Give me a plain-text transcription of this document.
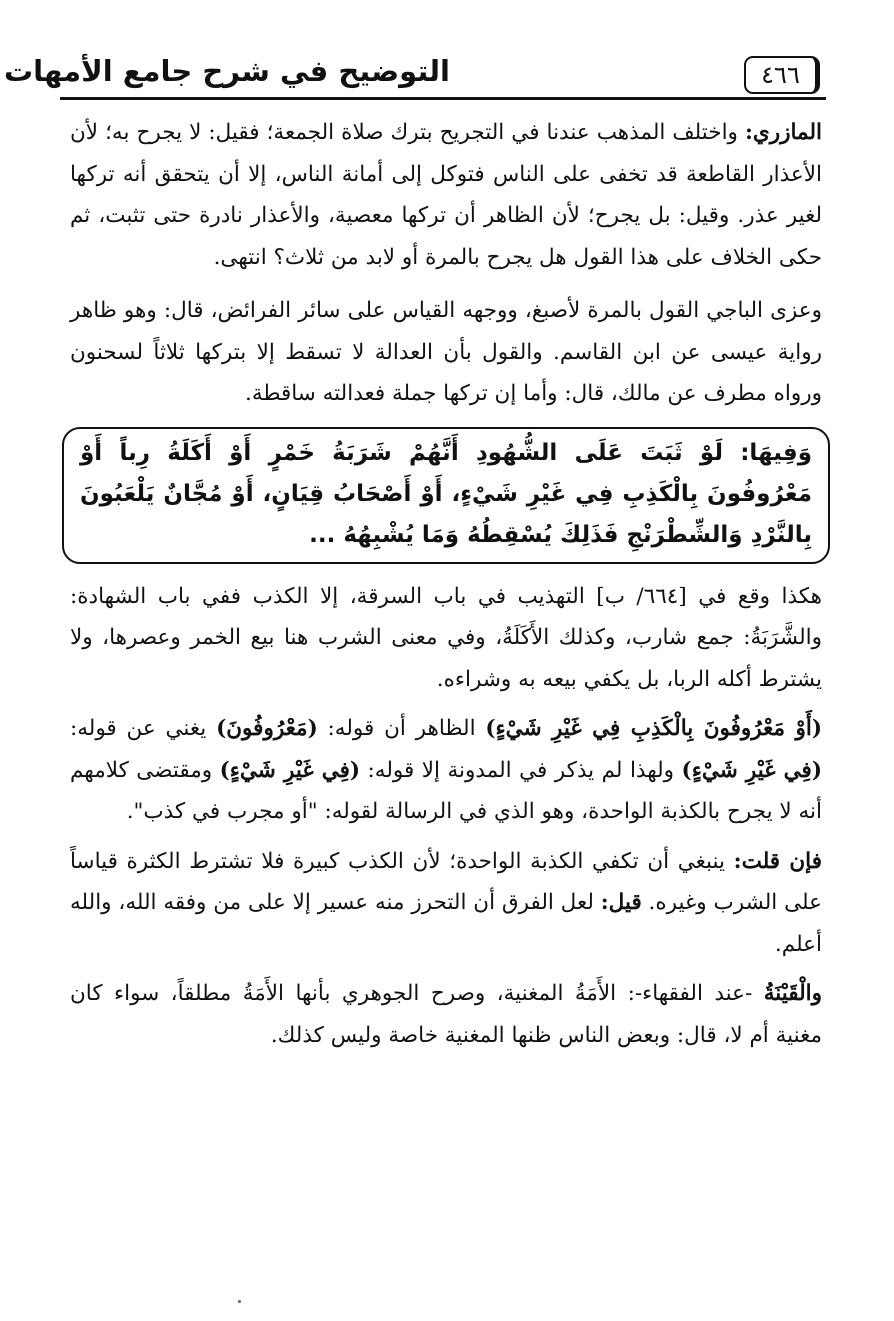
٤٦٦
التوضيح في شرح جامع الأمهات

المازري: واختلف المذهب عندنا في التجريح بترك صلاة الجمعة؛ فقيل: لا يجرح به؛ لأن الأعذار القاطعة قد تخفى على الناس فتوكل إلى أمانة الناس، إلا أن يتحقق أنه تركها لغير عذر. وقيل: بل يجرح؛ لأن الظاهر أن تركها معصية، والأعذار نادرة حتى تثبت، ثم حكى الخلاف على هذا القول هل يجرح بالمرة أو لابد من ثلاث؟ انتهى.

وعزى الباجي القول بالمرة لأصبغ، ووجهه القياس على سائر الفرائض، قال: وهو ظاهر رواية عيسى عن ابن القاسم. والقول بأن العدالة لا تسقط إلا بتركها ثلاثاً لسحنون ورواه مطرف عن مالك، قال: وأما إن تركها جملة فعدالته ساقطة.

وَفِيهَا: لَوْ ثَبَتَ عَلَى الشُّهُودِ أَنَّهُمْ شَرَبَةُ خَمْرٍ أَوْ أَكَلَةُ رِباً أَوْ مَعْرُوفُونَ بِالْكَذِبِ فِي غَيْرِ شَيْءٍ، أَوْ أَصْحَابُ قِيَانٍ، أَوْ مُجَّانٌ يَلْعَبُونَ بِالنَّرْدِ وَالشِّطْرَنْجِ فَذَلِكَ يُسْقِطُهُ وَمَا يُشْبِهُهُ ...

هكذا وقع في [٦٦٤/ ب] التهذيب في باب السرقة، إلا الكذب ففي باب الشهادة: والشَّرَبَةُ: جمع شارب، وكذلك الأَكَلَةُ، وفي معنى الشرب هنا بيع الخمر وعصرها، ولا يشترط أكله الربا، بل يكفي بيعه به وشراءه.

(أَوْ مَعْرُوفُونَ بِالْكَذِبِ فِي غَيْرِ شَيْءٍ) الظاهر أن قوله: (مَعْرُوفُونَ) يغني عن قوله: (فِي غَيْرِ شَيْءٍ) ولهذا لم يذكر في المدونة إلا قوله: (فِي غَيْرِ شَيْءٍ) ومقتضى كلامهم أنه لا يجرح بالكذبة الواحدة، وهو الذي في الرسالة لقوله: "أو مجرب في كذب".

فإن قلت: ينبغي أن تكفي الكذبة الواحدة؛ لأن الكذب كبيرة فلا تشترط الكثرة قياساً على الشرب وغيره. قيل: لعل الفرق أن التحرز منه عسير إلا على من وفقه الله، والله أعلم.

والْقَيْنَةُ -عند الفقهاء-: الأَمَةُ المغنية، وصرح الجوهري بأنها الأَمَةُ مطلقاً، سواء كان مغنية أم لا، قال: وبعض الناس ظنها المغنية خاصة وليس كذلك.
